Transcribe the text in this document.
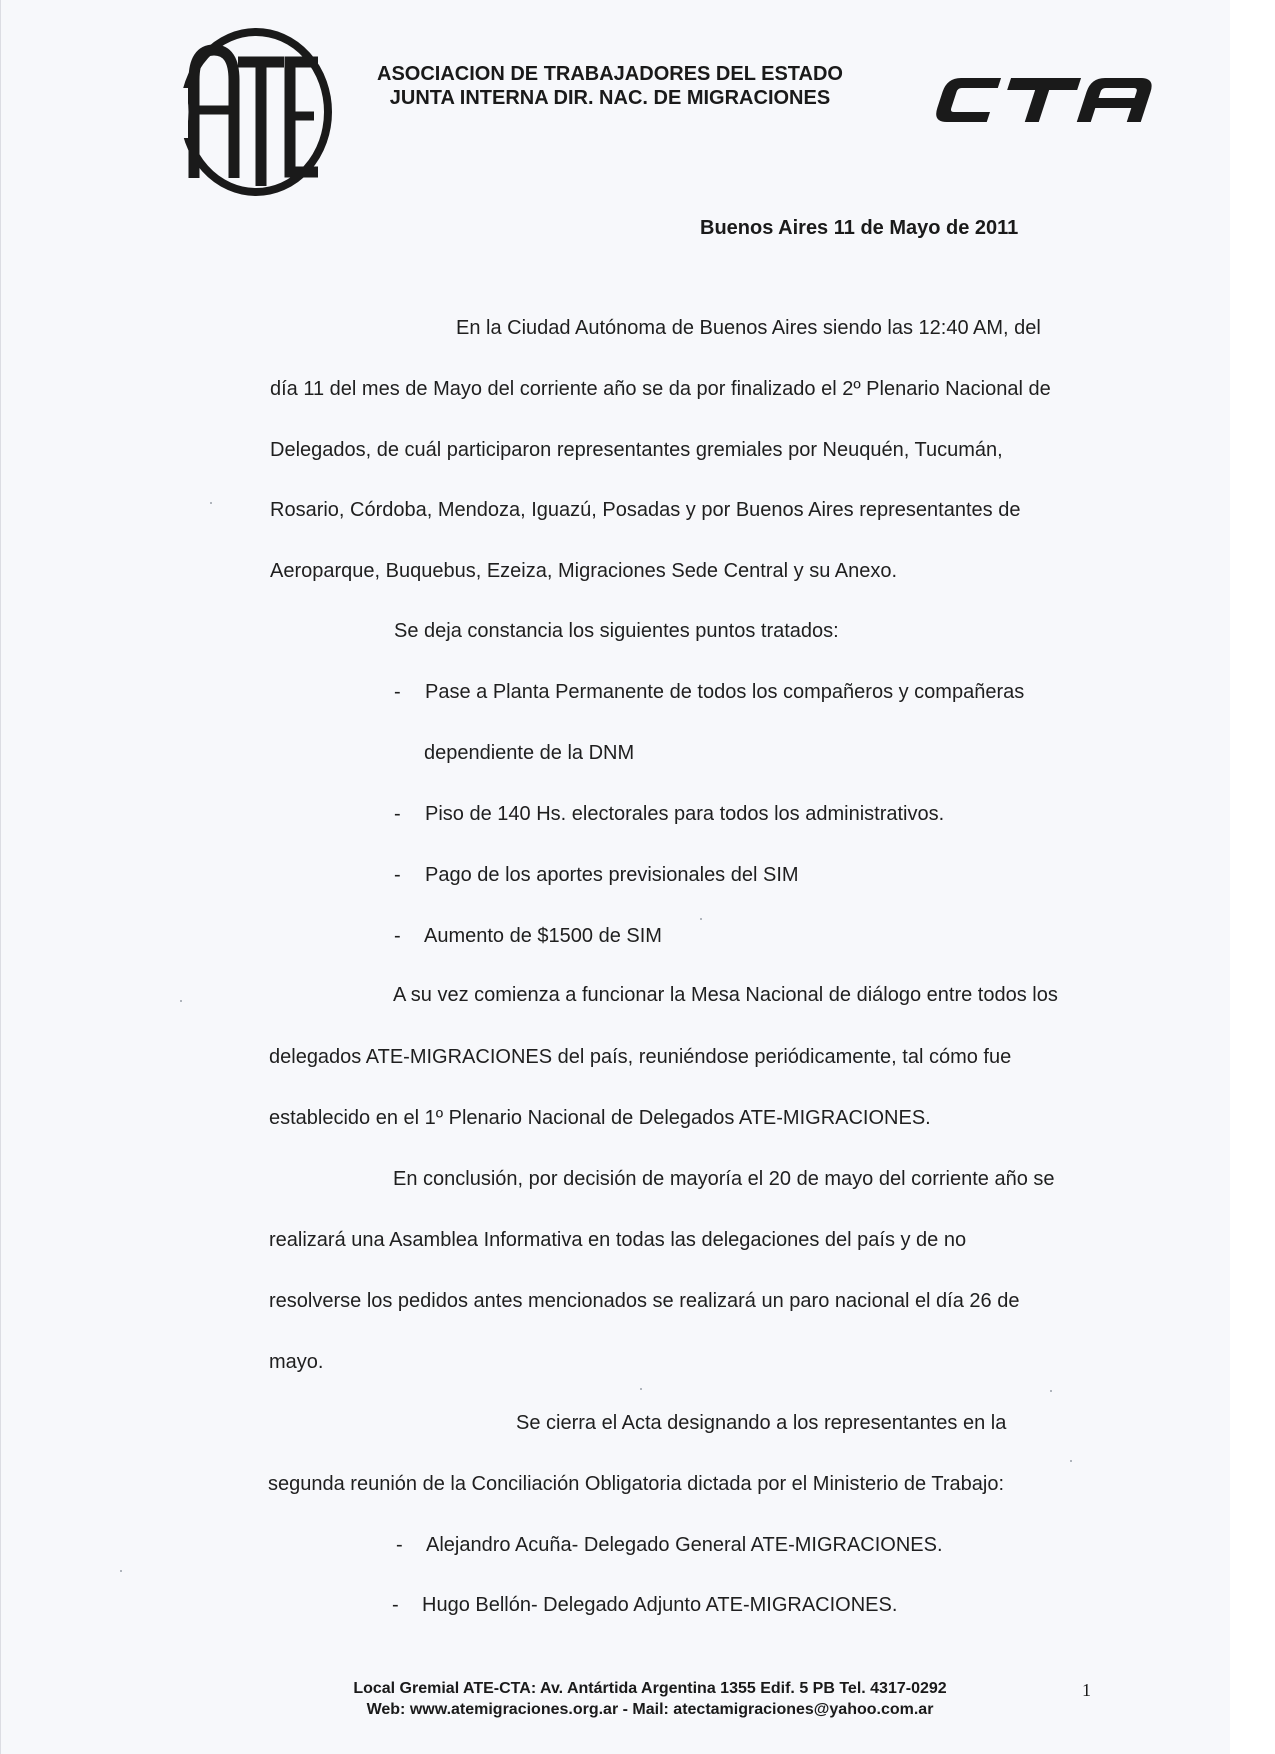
ASOCIACION DE TRABAJADORES DEL ESTADO
JUNTA INTERNA DIR. NAC. DE MIGRACIONES
Buenos Aires 11 de Mayo de 2011
En la Ciudad Autónoma de Buenos Aires siendo las 12:40 AM, del
día 11 del mes de Mayo del corriente año se da por finalizado el 2º Plenario Nacional de
Delegados, de cuál participaron representantes gremiales por Neuquén, Tucumán,
Rosario, Córdoba, Mendoza, Iguazú, Posadas y por Buenos Aires representantes de
Aeroparque, Buquebus, Ezeiza, Migraciones Sede Central y su Anexo.
Se deja constancia los siguientes puntos tratados:
- Pase a Planta Permanente de todos los compañeros y compañeras
dependiente de la DNM
- Piso de 140 Hs. electorales para todos los administrativos.
- Pago de los aportes previsionales del SIM
- Aumento de $1500 de SIM
A su vez comienza a funcionar la Mesa Nacional de diálogo entre todos los
delegados ATE-MIGRACIONES del país, reuniéndose periódicamente, tal cómo fue
establecido en el 1º Plenario Nacional de Delegados ATE-MIGRACIONES.
En conclusión, por decisión de mayoría el 20 de mayo del corriente año se
realizará una Asamblea Informativa en todas las delegaciones del país y de no
resolverse los pedidos antes mencionados se realizará un paro nacional el día 26 de
mayo.
Se cierra el Acta designando a los representantes en la
segunda reunión de la Conciliación Obligatoria dictada por el Ministerio de Trabajo:
- Alejandro Acuña- Delegado General ATE-MIGRACIONES.
- Hugo Bellón- Delegado Adjunto ATE-MIGRACIONES.
Local Gremial ATE-CTA: Av. Antártida Argentina 1355 Edif. 5 PB Tel. 4317-0292
Web: www.atemigraciones.org.ar - Mail: atectamigraciones@yahoo.com.ar
1
